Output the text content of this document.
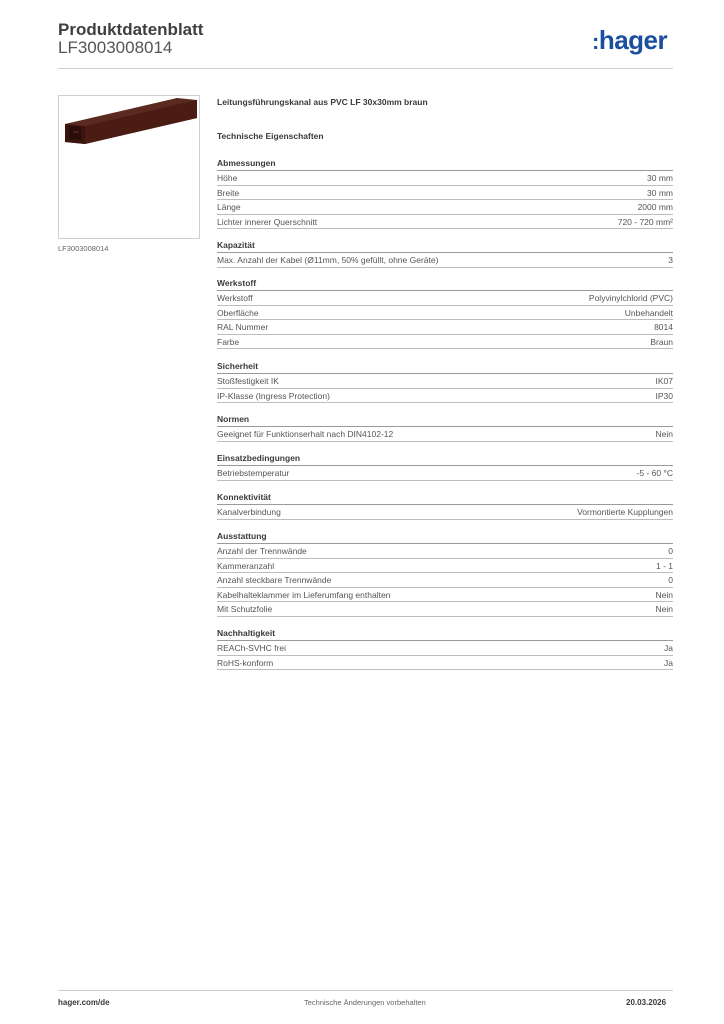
Produktdatenblatt
LF3003008014	:hager
LF3003008014
Leitungsführungskanal aus PVC LF 30x30mm braun
Technische Eigenschaften
Abmessungen
Höhe	30 mm
Breite	30 mm
Länge	2000 mm
Lichter innerer Querschnitt	720 - 720 mm²
Kapazität
Max. Anzahl der Kabel (Ø11mm, 50% gefüllt, ohne Geräte)	3
Werkstoff
Werkstoff	Polyvinylchlorid (PVC)
Oberfläche	Unbehandelt
RAL Nummer	8014
Farbe	Braun
Sicherheit
Stoßfestigkeit IK	IK07
IP-Klasse (Ingress Protection)	IP30
Normen
Geeignet für Funktionserhalt nach DIN4102-12	Nein
Einsatzbedingungen
Betriebstemperatur	-5 - 60 °C
Konnektivität
Kanalverbindung	Vormontierte Kupplungen
Ausstattung
Anzahl der Trennwände	0
Kammeranzahl	1 - 1
Anzahl steckbare Trennwände	0
Kabelhalteklammer im Lieferumfang enthalten	Nein
Mit Schutzfolie	Nein
Nachhaltigkeit
REACh-SVHC frei	Ja
RoHS-konform	Ja
hager.com/de	Technische Änderungen vorbehalten	20.03.2026
